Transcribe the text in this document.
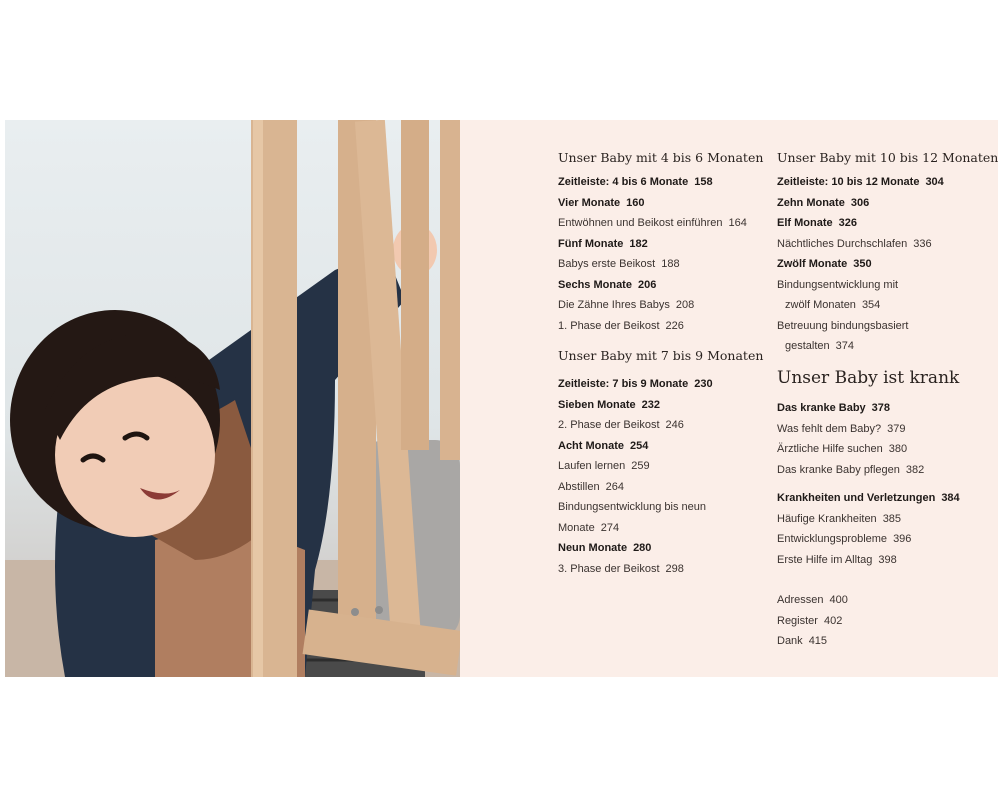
Unser Baby mit 4 bis 6 Monaten
Zeitleiste: 4 bis 6 Monate 158
Vier Monate 160
Entwöhnen und Beikost einführen 164
Fünf Monate 182
Babys erste Beikost 188
Sechs Monate 206
Die Zähne Ihres Babys 208
1. Phase der Beikost 226
Unser Baby mit 7 bis 9 Monaten
Zeitleiste: 7 bis 9 Monate 230
Sieben Monate 232
2. Phase der Beikost 246
Acht Monate 254
Laufen lernen 259
Abstillen 264
Bindungsentwicklung bis neun
Monate 274
Neun Monate 280
3. Phase der Beikost 298
Unser Baby mit 10 bis 12 Monaten
Zeitleiste: 10 bis 12 Monate 304
Zehn Monate 306
Elf Monate 326
Nächtliches Durchschlafen 336
Zwölf Monate 350
Bindungsentwicklung mit
zwölf Monaten 354
Betreuung bindungsbasiert
gestalten 374
Unser Baby ist krank
Das kranke Baby 378
Was fehlt dem Baby? 379
Ärztliche Hilfe suchen 380
Das kranke Baby pflegen 382
Krankheiten und Verletzungen 384
Häufige Krankheiten 385
Entwicklungsprobleme 396
Erste Hilfe im Alltag 398
Adressen 400
Register 402
Dank 415
